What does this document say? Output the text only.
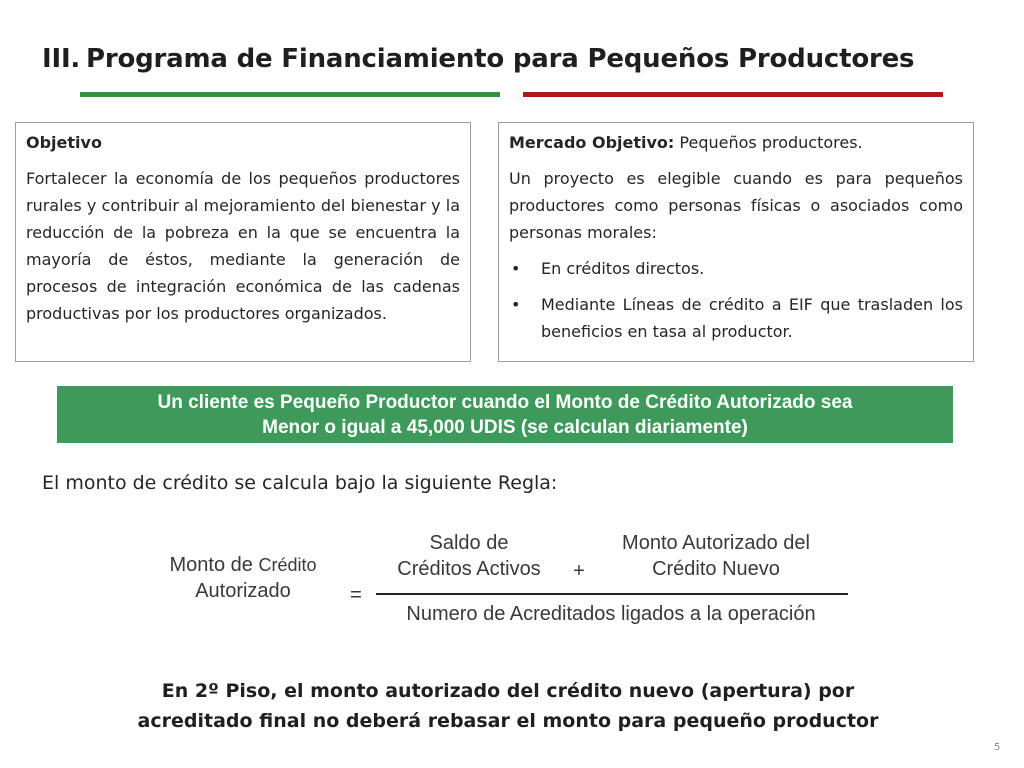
III. Programa de Financiamiento para Pequeños Productores

Objetivo

Fortalecer la economía de los pequeños productores rurales y contribuir al mejoramiento del bienestar y la reducción de la pobreza en la que se encuentra la mayoría de éstos, mediante la generación de procesos de integración económica de las cadenas productivas por los productores organizados.

Mercado Objetivo: Pequeños productores.

Un proyecto es elegible cuando es para pequeños productores como personas físicas o asociados como personas morales:

• En créditos directos.
• Mediante Líneas de crédito a EIF que trasladen los beneficios en tasa al productor.
Un cliente es Pequeño Productor cuando el Monto de Crédito Autorizado sea
Menor o igual a 45,000 UDIS (se calculan diariamente)
El monto de crédito se calcula bajo la siguiente Regla:
Monto de Crédito
Autorizado	=
Saldo de
Créditos Activos	+
Monto Autorizado del
Crédito Nuevo
Numero de Acreditados ligados a la operación
En 2º Piso, el monto autorizado del crédito nuevo (apertura) por
acreditado final no deberá rebasar el monto para pequeño productor
5
